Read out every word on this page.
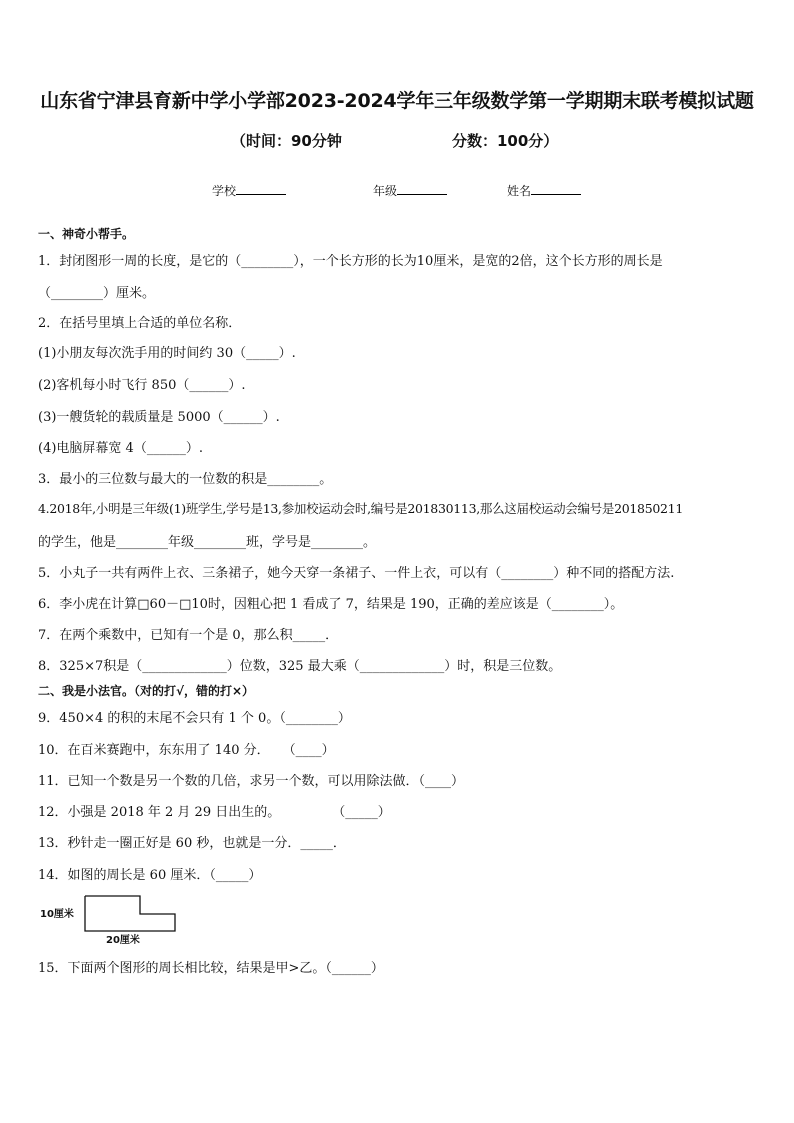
山东省宁津县育新中学小学部2023-2024学年三年级数学第一学期期末联考模拟试题
（时间：90分钟	分数：100分）
学校	年级	姓名
一、神奇小帮手。
1．封闭图形一周的长度，是它的（________），一个长方形的长为10厘米，是宽的2倍，这个长方形的周长是
（________）厘米。
2．在括号里填上合适的单位名称．
(1)小朋友每次洗手用的时间约 30（_____）.
(2)客机每小时飞行 850（______）.
(3)一艘货轮的载质量是 5000（______）.
(4)电脑屏幕宽 4（______）.
3．最小的三位数与最大的一位数的积是________。
4.2018年,小明是三年级(1)班学生,学号是13,参加校运动会时,编号是201830113,那么这届校运动会编号是201850211
的学生，他是________年级________班，学号是________。
5．小丸子一共有两件上衣、三条裙子，她今天穿一条裙子、一件上衣，可以有（________）种不同的搭配方法.
6．李小虎在计算□60－□10时，因粗心把 1 看成了 7，结果是 190，正确的差应该是（________）。
7．在两个乘数中，已知有一个是 0，那么积_____．
8．325×7积是（_____________）位数，325 最大乘（_____________）时，积是三位数。
二、我是小法官。（对的打√，错的打×）
9．450×4 的积的末尾不会只有 1 个 0。（________）
10．在百米赛跑中，东东用了 140 分．　　（____）
11．已知一个数是另一个数的几倍，求另一个数，可以用除法做．（____）
12．小强是 2018 年 2 月 29 日出生的。　　　　　（_____）
13．秒针走一圈正好是 60 秒，也就是一分．_____．
14．如图的周长是 60 厘米．（_____）
10厘米
20厘米
15．下面两个图形的周长相比较，结果是甲>乙。（______）
